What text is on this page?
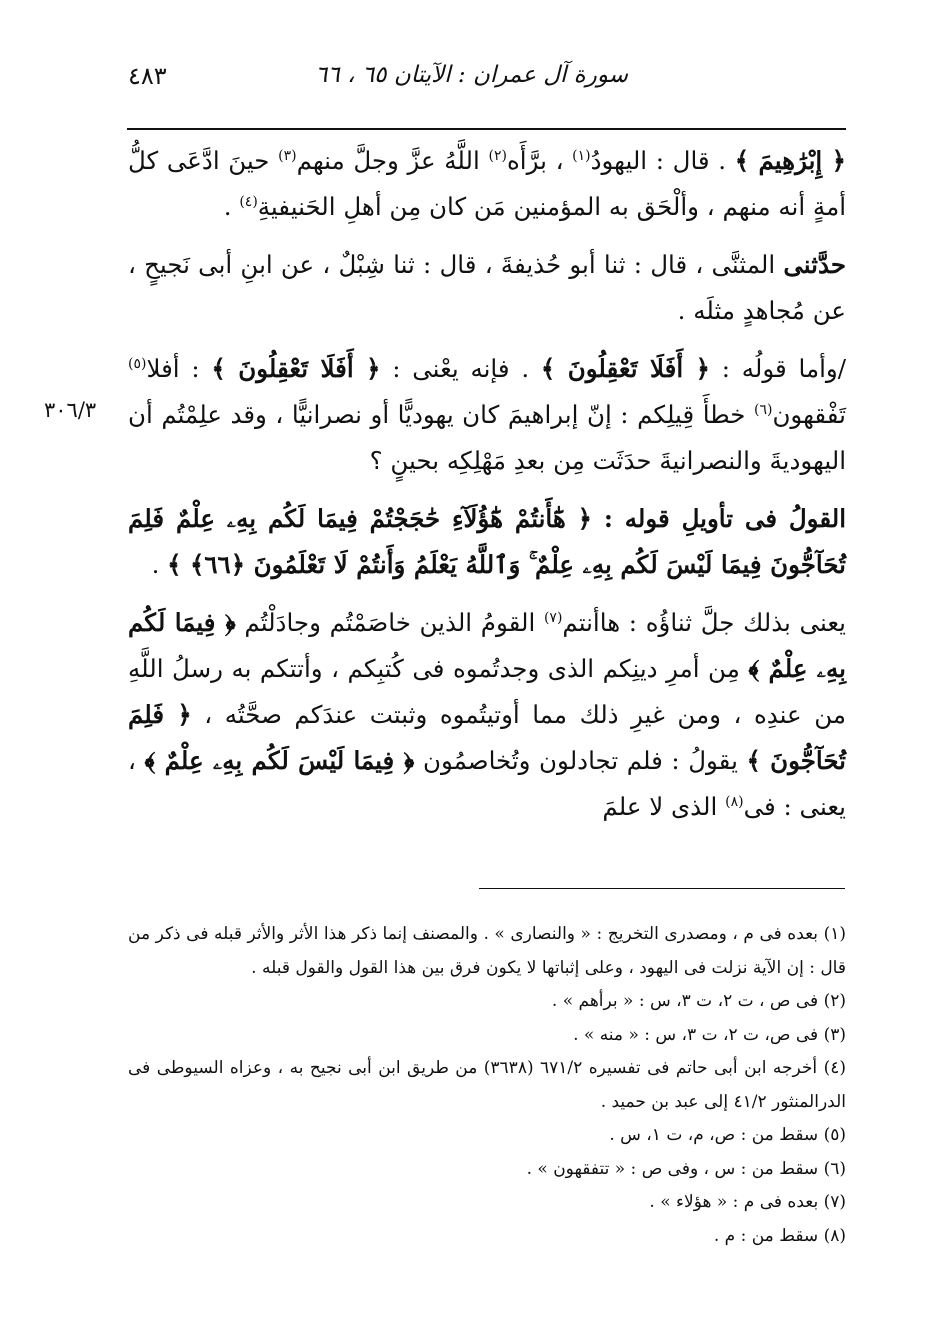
٤٨٣	سورة آل عمران : الآيتان ٦٥ ، ٦٦
٣٠٦/٣

﴿ إِبْرَٰهِيمَ ﴾ . قال : اليهودُ$^{(١)}$ ، برَّأَه$^{(٢)}$ اللَّهُ عزَّ وجلَّ منهم$^{(٣)}$ حينَ ادَّعَى كلُّ أمةٍ أنه منهم ، وألْحَق به المؤمنين مَن كان مِن أهلِ الحَنيفيةِ$^{(٤)}$ .

حدَّثنى المثنَّى ، قال : ثنا أبو حُذيفةَ ، قال : ثنا شِبْلٌ ، عن ابنِ أبى نَجيحٍ ، عن مُجاهدٍ مثلَه .

/وأما قولُه : ﴿ أَفَلَا تَعْقِلُونَ ﴾ . فإنه يعْنى : ﴿ أَفَلَا تَعْقِلُونَ ﴾ : أفلا$^{(٥)}$ تَفْقهون$^{(٦)}$ خطأَ قِيلِكم : إنّ إبراهيمَ كان يهوديًّا أو نصرانيًّا ، وقد علِمْتُم أن اليهوديةَ والنصرانيةَ حدَثَت مِن بعدِ مَهْلِكِه بحينٍ ؟

القولُ فى تأويلِ قوله : ﴿ هَٰٓأَنتُمْ هَٰٓؤُلَآءِ حَٰجَجْتُمْ فِيمَا لَكُم بِهِۦ عِلْمٌ فَلِمَ تُحَآجُّونَ فِيمَا لَيْسَ لَكُم بِهِۦ عِلْمٌ ۚ وَٱللَّهُ يَعْلَمُ وَأَنتُمْ لَا تَعْلَمُونَ ﴿٦٦﴾ ﴾ .

يعنى بذلك جلَّ ثناؤُه : هاأنتم$^{(٧)}$ القومُ الذين خاصَمْتُم وجادَلْتُم ﴿ فِيمَا لَكُم بِهِۦ عِلْمٌ ﴾ مِن أمرِ دينِكم الذى وجدتُموه فى كُتبِكم ، وأتتكم به رسلُ اللَّهِ من عندِه ، ومن غيرِ ذلك مما أوتيتُموه وثبتت عندَكم صحَّتُه ، ﴿ فَلِمَ تُحَآجُّونَ ﴾ يقولُ : فلم تجادلون وتُخاصمُون ﴿ فِيمَا لَيْسَ لَكُم بِهِۦ عِلْمٌ ﴾ ، يعنى : فى$^{(٨)}$ الذى لا علمَ

(١) بعده فى م ، ومصدرى التخريج : « والنصارى » . والمصنف إنما ذكر هذا الأثر والأثر قبله فى ذكر من قال : إن الآية نزلت فى اليهود ، وعلى إثباتها لا يكون فرق بين هذا القول والقول قبله .

(٢) فى ص ، ت ٢، ت ٣، س : « برأهم » .

(٣) فى ص، ت ٢، ت ٣، س : « منه » .

(٤) أخرجه ابن أبى حاتم فى تفسيره ٦٧١/٢ (٣٦٣٨) من طريق ابن أبى نجيح به ، وعزاه السيوطى فى الدرالمنثور ٤١/٢ إلى عبد بن حميد .

(٥) سقط من : ص، م، ت ١، س .

(٦) سقط من : س ، وفى ص : « تتفقهون » .

(٧) بعده فى م : « هؤلاء » .

(٨) سقط من : م .
